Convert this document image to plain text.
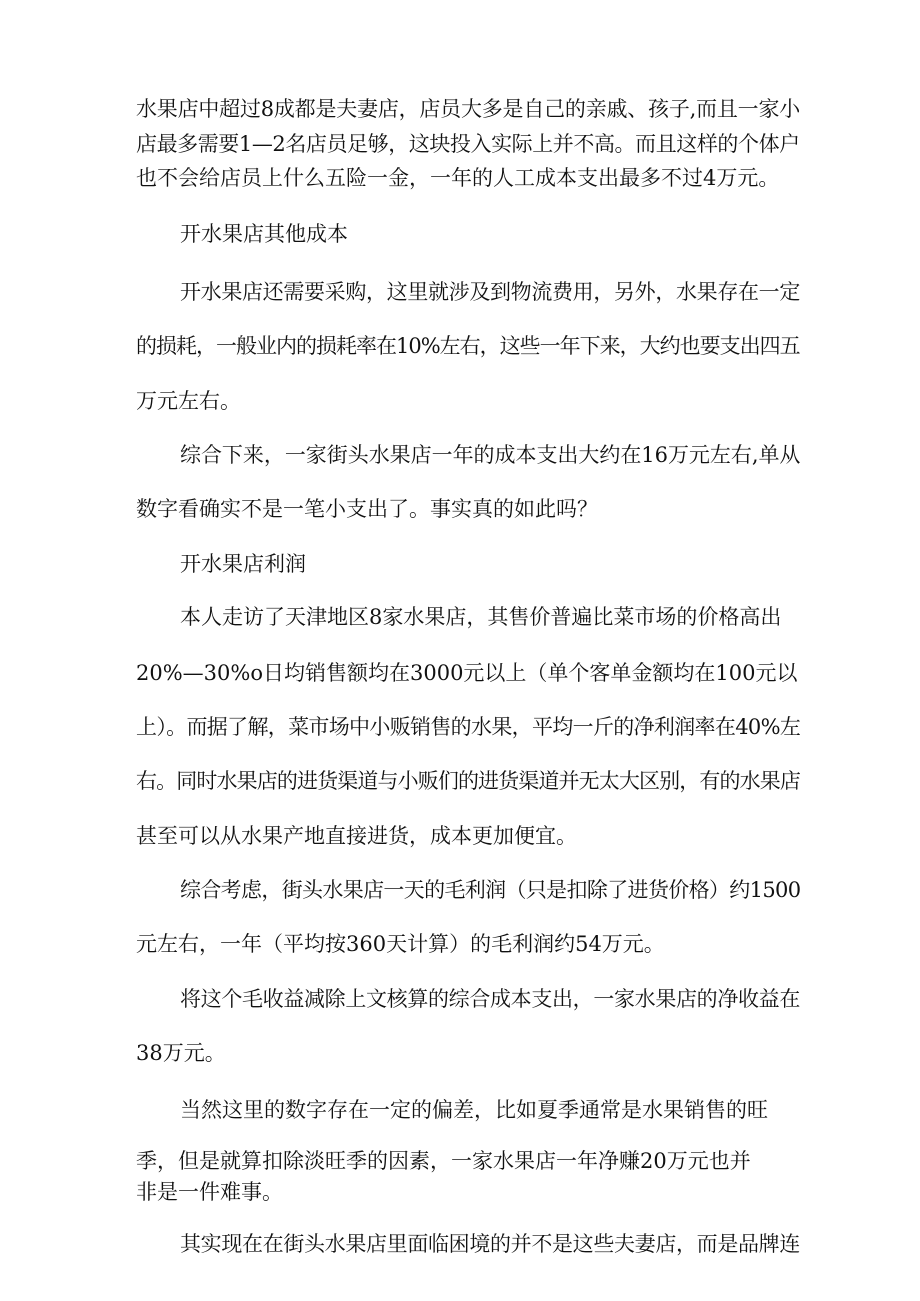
水果店中超过8成都是夫妻店，店员大多是自己的亲戚、孩子,而且一家小
店最多需要1—2名店员足够，这块投入实际上并不高。而且这样的个体户
也不会给店员上什么五险一金，一年的人工成本支出最多不过4万元。
开水果店其他成本
开水果店还需要采购，这里就涉及到物流费用，另外，水果存在一定
的损耗，一般业内的损耗率在10%左右，这些一年下来，大约也要支出四五
万元左右。
综合下来，一家街头水果店一年的成本支出大约在16万元左右,单从
数字看确实不是一笔小支出了。事实真的如此吗？
开水果店利润
本人走访了天津地区8家水果店，其售价普遍比菜市场的价格高出
20%—30%o日均销售额均在3000元以上（单个客单金额均在100元以
上）。而据了解，菜市场中小贩销售的水果，平均一斤的净利润率在40%左
右。同时水果店的进货渠道与小贩们的进货渠道并无太大区别，有的水果店
甚至可以从水果产地直接进货，成本更加便宜。
综合考虑，街头水果店一天的毛利润（只是扣除了进货价格）约1500
元左右，一年（平均按360天计算）的毛利润约54万元。
将这个毛收益减除上文核算的综合成本支出，一家水果店的净收益在
38万元。
当然这里的数字存在一定的偏差，比如夏季通常是水果销售的旺
季，但是就算扣除淡旺季的因素，一家水果店一年净赚20万元也并
非是一件难事。
其实现在在街头水果店里面临困境的并不是这些夫妻店，而是品牌连
